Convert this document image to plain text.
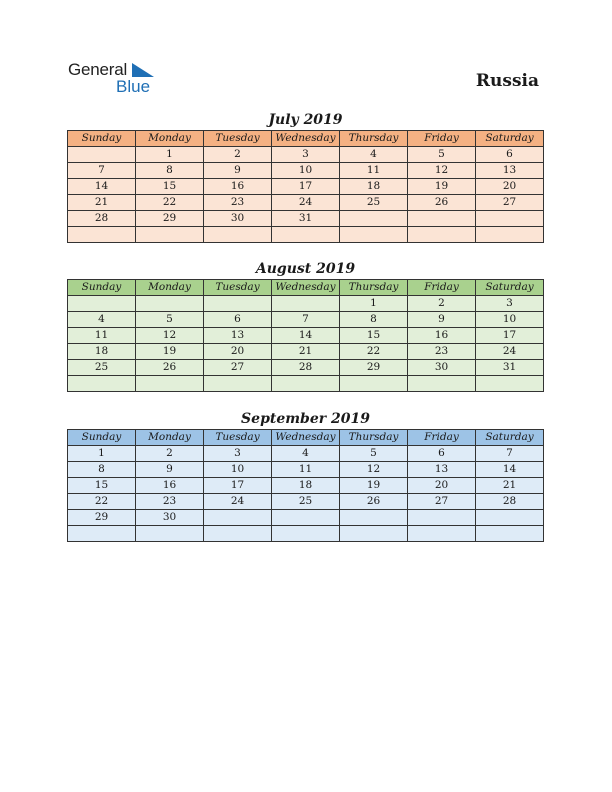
General
Blue	Russia
July 2019
Sunday	Monday	Tuesday	Wednesday	Thursday	Friday	Saturday
	1	2	3	4	5	6
7	8	9	10	11	12	13
14	15	16	17	18	19	20
21	22	23	24	25	26	27
28	29	30	31			

August 2019
Sunday	Monday	Tuesday	Wednesday	Thursday	Friday	Saturday
				1	2	3
4	5	6	7	8	9	10
11	12	13	14	15	16	17
18	19	20	21	22	23	24
25	26	27	28	29	30	31

September 2019
Sunday	Monday	Tuesday	Wednesday	Thursday	Friday	Saturday
1	2	3	4	5	6	7
8	9	10	11	12	13	14
15	16	17	18	19	20	21
22	23	24	25	26	27	28
29	30					
